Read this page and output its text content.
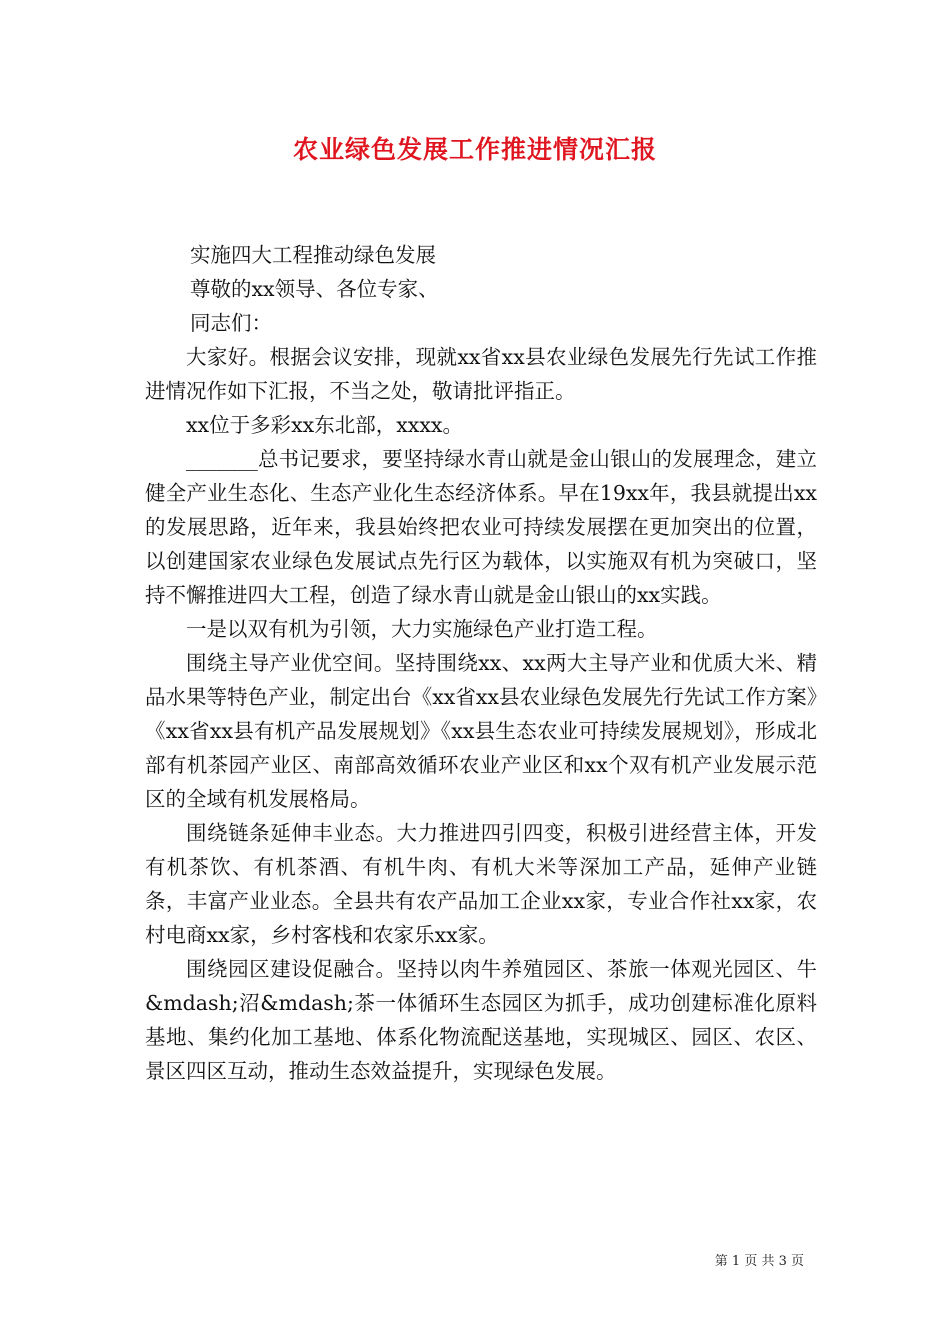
农业绿色发展工作推进情况汇报

实施四大工程推动绿色发展

尊敬的xx领导、各位专家、

同志们：

大家好。根据会议安排，现就xx省xx县农业绿色发展先行先试工作推进情况作如下汇报，不当之处，敬请批评指正。

xx位于多彩xx东北部，xxxx。

_______总书记要求，要坚持绿水青山就是金山银山的发展理念，建立健全产业生态化、生态产业化生态经济体系。早在19xx年，我县就提出xx的发展思路，近年来，我县始终把农业可持续发展摆在更加突出的位置，以创建国家农业绿色发展试点先行区为载体，以实施双有机为突破口，坚持不懈推进四大工程，创造了绿水青山就是金山银山的xx实践。

一是以双有机为引领，大力实施绿色产业打造工程。

围绕主导产业优空间。坚持围绕xx、xx两大主导产业和优质大米、精品水果等特色产业，制定出台《xx省xx县农业绿色发展先行先试工作方案》《xx省xx县有机产品发展规划》《xx县生态农业可持续发展规划》，形成北部有机茶园产业区、南部高效循环农业产业区和xx个双有机产业发展示范区的全域有机发展格局。

围绕链条延伸丰业态。大力推进四引四变，积极引进经营主体，开发有机茶饮、有机茶酒、有机牛肉、有机大米等深加工产品，延伸产业链条，丰富产业业态。全县共有农产品加工企业xx家，专业合作社xx家，农村电商xx家，乡村客栈和农家乐xx家。

围绕园区建设促融合。坚持以肉牛养殖园区、茶旅一体观光园区、牛&mdash;沼&mdash;茶一体循环生态园区为抓手，成功创建标准化原料基地、集约化加工基地、体系化物流配送基地，实现城区、园区、农区、景区四区互动，推动生态效益提升，实现绿色发展。

第 1 页 共 3 页
